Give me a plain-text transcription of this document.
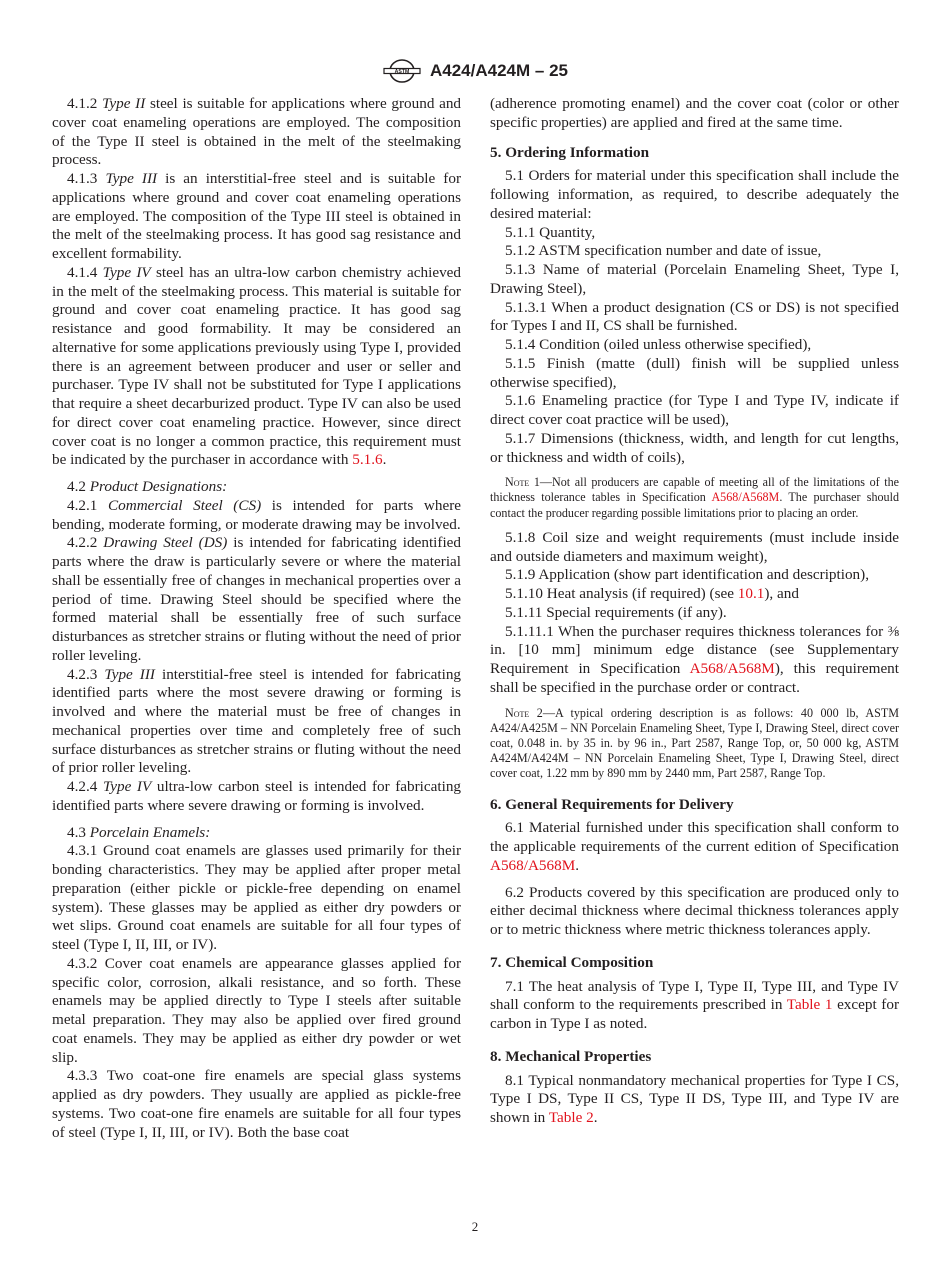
ASTM A424/A424M – 25

4.1.2 Type II steel is suitable for applications where ground and cover coat enameling operations are employed. The composition of the Type II steel is obtained in the melt of the steelmaking process.

4.1.3 Type III is an interstitial-free steel and is suitable for applications where ground and cover coat enameling operations are employed. The composition of the Type III steel is obtained in the melt of the steelmaking process. It has good sag resistance and excellent formability.

4.1.4 Type IV steel has an ultra-low carbon chemistry achieved in the melt of the steelmaking process. This material is suitable for ground and cover coat enameling practice. It has good sag resistance and good formability. It may be considered an alternative for some applications previously using Type I, provided there is an agreement between producer and user or seller and purchaser. Type IV shall not be substituted for Type I applications that require a sheet decarburized product. Type IV can also be used for direct cover coat enameling practice. However, since direct cover coat is no longer a common practice, this requirement must be indicated by the purchaser in accordance with 5.1.6.

4.2 Product Designations:

4.2.1 Commercial Steel (CS) is intended for parts where bending, moderate forming, or moderate drawing may be involved.

4.2.2 Drawing Steel (DS) is intended for fabricating identified parts where the draw is particularly severe or where the material shall be essentially free of changes in mechanical properties over a period of time. Drawing Steel should be specified where the formed material shall be essentially free of such surface disturbances as stretcher strains or fluting without the need of prior roller leveling.

4.2.3 Type III interstitial-free steel is intended for fabricating identified parts where the most severe drawing or forming is involved and where the material must be free of changes in mechanical properties over time and completely free of such surface disturbances as stretcher strains or fluting without the need of prior roller leveling.

4.2.4 Type IV ultra-low carbon steel is intended for fabricating identified parts where severe drawing or forming is involved.

4.3 Porcelain Enamels:

4.3.1 Ground coat enamels are glasses used primarily for their bonding characteristics. They may be applied after proper metal preparation (either pickle or pickle-free depending on enamel system). These glasses may be applied as either dry powders or wet slips. Ground coat enamels are suitable for all four types of steel (Type I, II, III, or IV).

4.3.2 Cover coat enamels are appearance glasses applied for specific color, corrosion, alkali resistance, and so forth. These enamels may be applied directly to Type I steels after suitable metal preparation. They may also be applied over fired ground coat enamels. They may be applied as either dry powder or wet slip.

4.3.3 Two coat-one fire enamels are special glass systems applied as dry powders. They usually are applied as pickle-free systems. Two coat-one fire enamels are suitable for all four types of steel (Type I, II, III, or IV). Both the base coat

(adherence promoting enamel) and the cover coat (color or other specific properties) are applied and fired at the same time.

5. Ordering Information

5.1 Orders for material under this specification shall include the following information, as required, to describe adequately the desired material:

5.1.1 Quantity,

5.1.2 ASTM specification number and date of issue,

5.1.3 Name of material (Porcelain Enameling Sheet, Type I, Drawing Steel),

5.1.3.1 When a product designation (CS or DS) is not specified for Types I and II, CS shall be furnished.

5.1.4 Condition (oiled unless otherwise specified),

5.1.5 Finish (matte (dull) finish will be supplied unless otherwise specified),

5.1.6 Enameling practice (for Type I and Type IV, indicate if direct cover coat practice will be used),

5.1.7 Dimensions (thickness, width, and length for cut lengths, or thickness and width of coils),

Note 1—Not all producers are capable of meeting all of the limitations of the thickness tolerance tables in Specification A568/A568M. The purchaser should contact the producer regarding possible limitations prior to placing an order.

5.1.8 Coil size and weight requirements (must include inside and outside diameters and maximum weight),

5.1.9 Application (show part identification and description),

5.1.10 Heat analysis (if required) (see 10.1), and

5.1.11 Special requirements (if any).

5.1.11.1 When the purchaser requires thickness tolerances for ⅜ in. [10 mm] minimum edge distance (see Supplementary Requirement in Specification A568/A568M), this requirement shall be specified in the purchase order or contract.

Note 2—A typical ordering description is as follows: 40 000 lb, ASTM A424/A425M – NN Porcelain Enameling Sheet, Type I, Drawing Steel, direct cover coat, 0.048 in. by 35 in. by 96 in., Part 2587, Range Top, or, 50 000 kg, ASTM A424M/A424M – NN Porcelain Enameling Sheet, Type I, Drawing Steel, direct cover coat, 1.22 mm by 890 mm by 2440 mm, Part 2587, Range Top.

6. General Requirements for Delivery

6.1 Material furnished under this specification shall conform to the applicable requirements of the current edition of Specification A568/A568M.

6.2 Products covered by this specification are produced only to either decimal thickness where decimal thickness tolerances apply or to metric thickness where metric thickness tolerances apply.

7. Chemical Composition

7.1 The heat analysis of Type I, Type II, Type III, and Type IV shall conform to the requirements prescribed in Table 1 except for carbon in Type I as noted.

8. Mechanical Properties

8.1 Typical nonmandatory mechanical properties for Type I CS, Type I DS, Type II CS, Type II DS, Type III, and Type IV are shown in Table 2.

2
